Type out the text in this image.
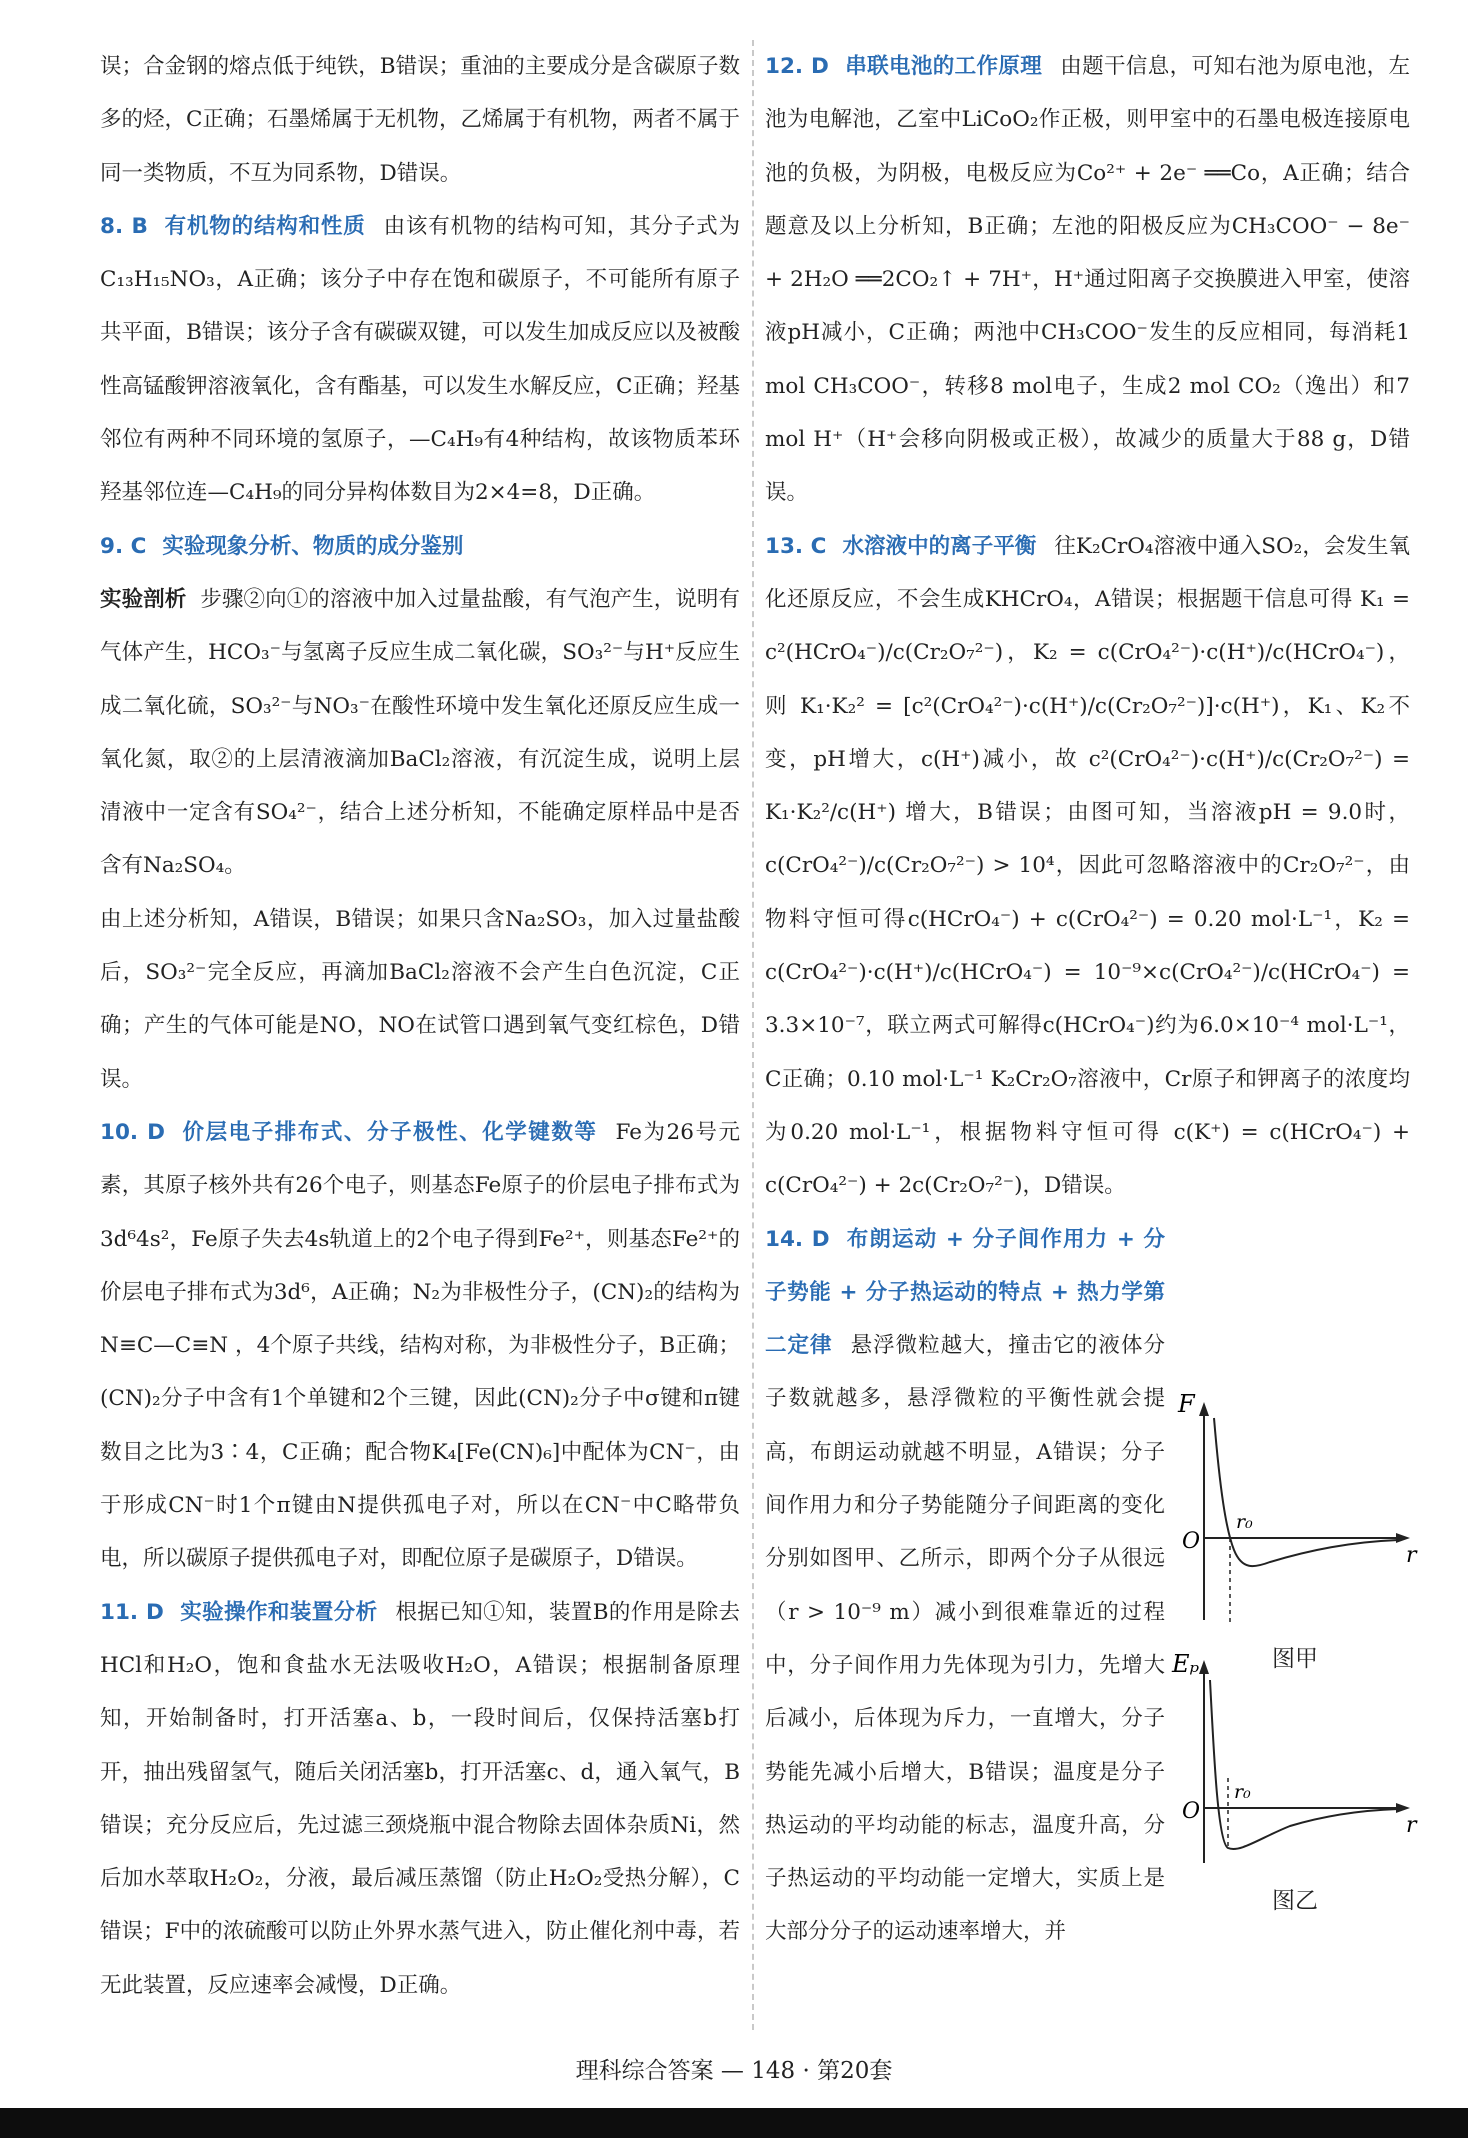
误；合金钢的熔点低于纯铁，B错误；重油的主要成分是含碳原子数多的烃，C正确；石墨烯属于无机物，乙烯属于有机物，两者不属于同一类物质，不互为同系物，D错误。

8. B 有机物的结构和性质 由该有机物的结构可知，其分子式为C₁₃H₁₅NO₃，A正确；该分子中存在饱和碳原子，不可能所有原子共平面，B错误；该分子含有碳碳双键，可以发生加成反应以及被酸性高锰酸钾溶液氧化，含有酯基，可以发生水解反应，C正确；羟基邻位有两种不同环境的氢原子，—C₄H₉有4种结构，故该物质苯环羟基邻位连—C₄H₉的同分异构体数目为2×4=8，D正确。

9. C 实验现象分析、物质的成分鉴别

实验剖析 步骤②向①的溶液中加入过量盐酸，有气泡产生，说明有气体产生，HCO₃⁻与氢离子反应生成二氧化碳，SO₃²⁻与H⁺反应生成二氧化硫，SO₃²⁻与NO₃⁻在酸性环境中发生氧化还原反应生成一氧化氮，取②的上层清液滴加BaCl₂溶液，有沉淀生成，说明上层清液中一定含有SO₄²⁻，结合上述分析知，不能确定原样品中是否含有Na₂SO₄。

由上述分析知，A错误，B错误；如果只含Na₂SO₃，加入过量盐酸后，SO₃²⁻完全反应，再滴加BaCl₂溶液不会产生白色沉淀，C正确；产生的气体可能是NO，NO在试管口遇到氧气变红棕色，D错误。

10. D 价层电子排布式、分子极性、化学键数等 Fe为26号元素，其原子核外共有26个电子，则基态Fe原子的价层电子排布式为3d⁶4s²，Fe原子失去4s轨道上的2个电子得到Fe²⁺，则基态Fe²⁺的价层电子排布式为3d⁶，A正确；N₂为非极性分子，(CN)₂的结构为 N≡C—C≡N ，4个原子共线，结构对称，为非极性分子，B正确；(CN)₂分子中含有1个单键和2个三键，因此(CN)₂分子中σ键和π键数目之比为3∶4，C正确；配合物K₄[Fe(CN)₆]中配体为CN⁻，由于形成CN⁻时1个π键由N提供孤电子对，所以在CN⁻中C略带负电，所以碳原子提供孤电子对，即配位原子是碳原子，D错误。

11. D 实验操作和装置分析 根据已知①知，装置B的作用是除去HCl和H₂O，饱和食盐水无法吸收H₂O，A错误；根据制备原理知，开始制备时，打开活塞a、b，一段时间后，仅保持活塞b打开，抽出残留氢气，随后关闭活塞b，打开活塞c、d，通入氧气，B错误；充分反应后，先过滤三颈烧瓶中混合物除去固体杂质Ni，然后加水萃取H₂O₂，分液，最后减压蒸馏（防止H₂O₂受热分解），C错误；F中的浓硫酸可以防止外界水蒸气进入，防止催化剂中毒，若无此装置，反应速率会减慢，D正确。

12. D 串联电池的工作原理 由题干信息，可知右池为原电池，左池为电解池，乙室中LiCoO₂作正极，则甲室中的石墨电极连接原电池的负极，为阴极，电极反应为Co²⁺ + 2e⁻ ══Co，A正确；结合题意及以上分析知，B正确；左池的阳极反应为CH₃COO⁻ − 8e⁻ + 2H₂O ══2CO₂↑ + 7H⁺，H⁺通过阳离子交换膜进入甲室，使溶液pH减小，C正确；两池中CH₃COO⁻发生的反应相同，每消耗1 mol CH₃COO⁻，转移8 mol电子，生成2 mol CO₂（逸出）和7 mol H⁺（H⁺会移向阴极或正极），故减少的质量大于88 g，D错误。

13. C 水溶液中的离子平衡 往K₂CrO₄溶液中通入SO₂，会发生氧化还原反应，不会生成KHCrO₄，A错误；根据题干信息可得 K₁ = c²(HCrO₄⁻)/c(Cr₂O₇²⁻)，K₂ = c(CrO₄²⁻)·c(H⁺)/c(HCrO₄⁻)，则 K₁·K₂² = [c²(CrO₄²⁻)·c(H⁺)/c(Cr₂O₇²⁻)]·c(H⁺)，K₁、K₂不变，pH增大，c(H⁺)减小，故 c²(CrO₄²⁻)·c(H⁺)/c(Cr₂O₇²⁻) = K₁·K₂²/c(H⁺) 增大，B错误；由图可知，当溶液pH = 9.0时，c(CrO₄²⁻)/c(Cr₂O₇²⁻) > 10⁴，因此可忽略溶液中的Cr₂O₇²⁻，由物料守恒可得c(HCrO₄⁻) + c(CrO₄²⁻) = 0.20 mol·L⁻¹，K₂ = c(CrO₄²⁻)·c(H⁺)/c(HCrO₄⁻) = 10⁻⁹×c(CrO₄²⁻)/c(HCrO₄⁻) = 3.3×10⁻⁷，联立两式可解得c(HCrO₄⁻)约为6.0×10⁻⁴ mol·L⁻¹，C正确；0.10 mol·L⁻¹ K₂Cr₂O₇溶液中，Cr原子和钾离子的浓度均为0.20 mol·L⁻¹，根据物料守恒可得 c(K⁺) = c(HCrO₄⁻) + c(CrO₄²⁻) + 2c(Cr₂O₇²⁻)，D错误。

14. D 布朗运动 + 分子间作用力 + 分子势能 + 分子热运动的特点 + 热力学第二定律 悬浮微粒越大，撞击它的液体分子数就越多，悬浮微粒的平衡性就会提高，布朗运动就越不明显，A错误；分子间作用力和分子势能随分子间距离的变化分别如图甲、乙所示，即两个分子从很远（r > 10⁻⁹ m）减小到很难靠近的过程中，分子间作用力先体现为引力，先增大后减小，后体现为斥力，一直增大，分子势能先减小后增大，B错误；温度是分子热运动的平均动能的标志，温度升高，分子热运动的平均动能一定增大，实质上是大部分分子的运动速率增大，并
F
r
O
r₀
图甲
Eₚ
r
O
r₀
图乙
理科综合答案 — 148 · 第20套
